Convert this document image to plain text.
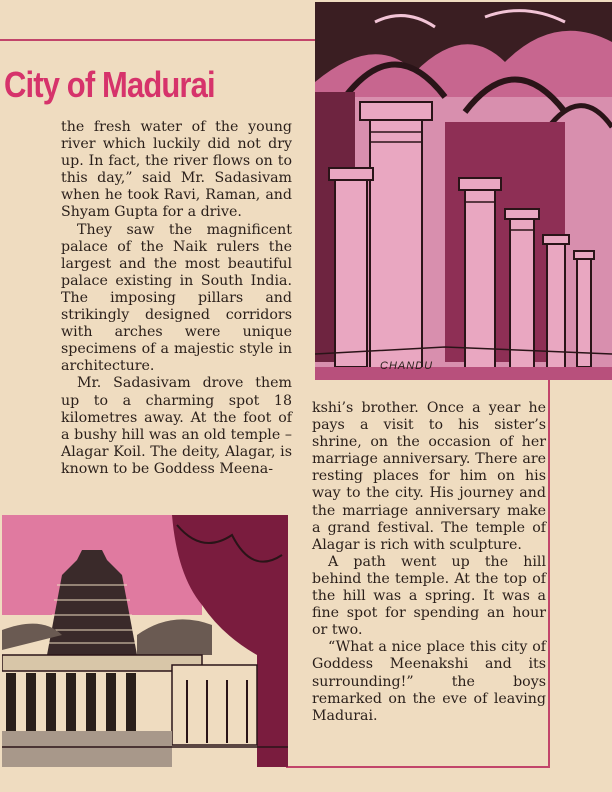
City of Madurai

the fresh water of the young river which luckily did not dry up. In fact, the river flows on to this day,” said Mr. Sadasivam when he took Ravi, Raman, and Shyam Gupta for a drive.

They saw the magnificent palace of the Naik rulers the largest and the most beautiful palace existing in South India. The imposing pillars and strikingly designed corridors with arches were unique specimens of a majestic style in architecture.

Mr. Sadasivam drove them up to a charming spot 18 kilometres away. At the foot of a bushy hill was an old temple –Alagar Koil. The deity, Alagar, is known to be Goddess Meena-

kshi’s brother. Once a year he pays a visit to his sister’s shrine, on the occasion of her marriage anniversary. There are resting places for him on his way to the city. His journey and the marriage anniversary make a grand festival. The temple of Alagar is rich with sculpture.

A path went up the hill behind the temple. At the top of the hill was a spring. It was a fine spot for spending an hour or two.

“What a nice place this city of Goddess Meenakshi and its surrounding!” the boys remarked on the eve of leaving Madurai.

CHANDU
